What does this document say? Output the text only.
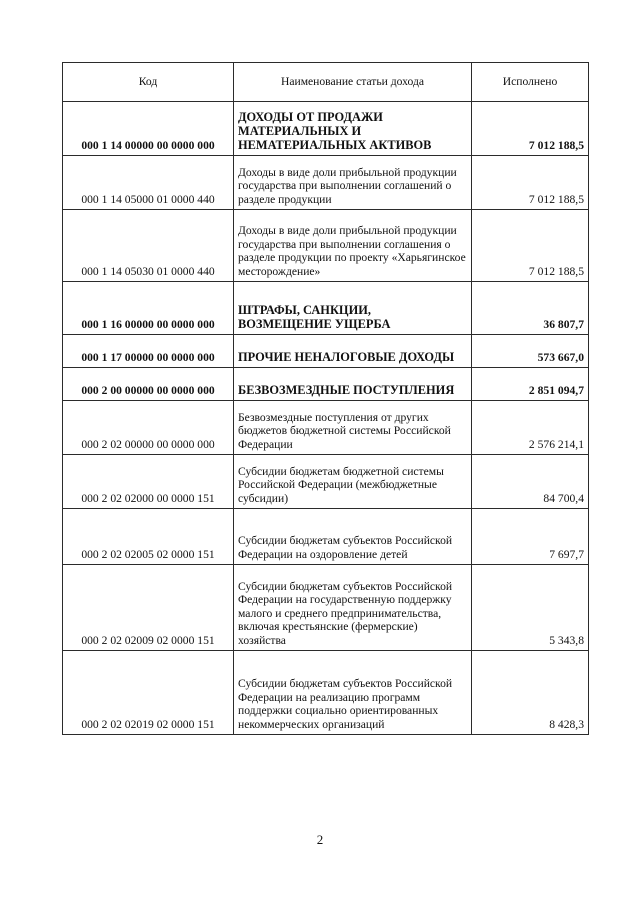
Код	Наименование статьи дохода	Исполнено
000 1 14 00000 00 0000 000	ДОХОДЫ ОТ ПРОДАЖИ МАТЕРИАЛЬНЫХ И НЕМАТЕРИАЛЬНЫХ АКТИВОВ	7 012 188,5
000 1 14 05000 01 0000 440	Доходы в виде доли прибыльной продукции государства при выполнении соглашений о разделе продукции	7 012 188,5
000 1 14 05030 01 0000 440	Доходы в виде доли прибыльной продукции государства при выполнении соглашения о разделе продукции по проекту «Харьягинское месторождение»	7 012 188,5
000 1 16 00000 00 0000 000	ШТРАФЫ, САНКЦИИ, ВОЗМЕЩЕНИЕ УЩЕРБА	36 807,7
000 1 17 00000 00 0000 000	ПРОЧИЕ НЕНАЛОГОВЫЕ ДОХОДЫ	573 667,0
000 2 00 00000 00 0000 000	БЕЗВОЗМЕЗДНЫЕ ПОСТУПЛЕНИЯ	2 851 094,7
000 2 02 00000 00 0000 000	Безвозмездные поступления от других бюджетов бюджетной системы Российской Федерации	2 576 214,1
000 2 02 02000 00 0000 151	Субсидии бюджетам бюджетной системы Российской Федерации (межбюджетные субсидии)	84 700,4
000 2 02 02005 02 0000 151	Субсидии бюджетам субъектов Российской Федерации на оздоровление детей	7 697,7
000 2 02 02009 02 0000 151	Субсидии бюджетам субъектов Российской Федерации на государственную поддержку малого и среднего предпринимательства, включая крестьянские (фермерские) хозяйства	5 343,8
000 2 02 02019 02 0000 151	Субсидии бюджетам субъектов Российской Федерации на реализацию программ поддержки социально ориентированных некоммерческих организаций	8 428,3
2
